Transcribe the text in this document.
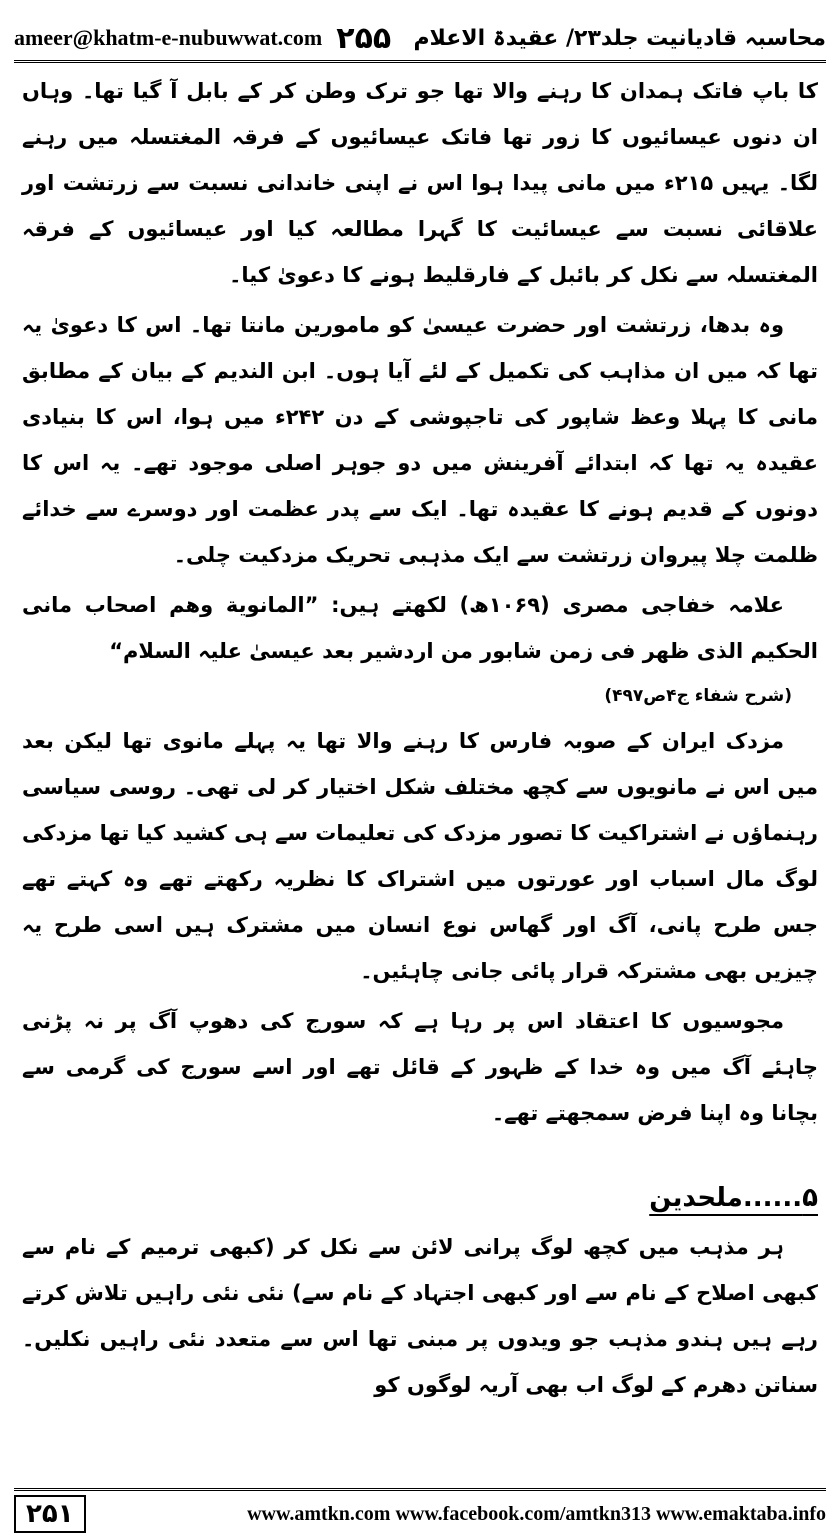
ameer@khatm-e-nubuwwat.com ۲۵۵ محاسبہ قادیانیت جلد۲۳/ عقیدۃ الاعلام

کا باپ فاتک ہمدان کا رہنے والا تھا جو ترک وطن کر کے بابل آ گیا تھا۔ وہاں ان دنوں عیسائیوں کا زور تھا فاتک عیسائیوں کے فرقہ المغتسلہ میں رہنے لگا۔ یہیں ۲۱۵ء میں مانی پیدا ہوا اس نے اپنی خاندانی نسبت سے زرتشت اور علاقائی نسبت سے عیسائیت کا گہرا مطالعہ کیا اور عیسائیوں کے فرقہ المغتسلہ سے نکل کر بائبل کے فارقلیط ہونے کا دعویٰ کیا۔

وہ بدھا، زرتشت اور حضرت عیسیٰ کو مامورین مانتا تھا۔ اس کا دعویٰ یہ تھا کہ میں ان مذاہب کی تکمیل کے لئے آیا ہوں۔ ابن الندیم کے بیان کے مطابق مانی کا پہلا وعظ شاپور کی تاجپوشی کے دن ۲۴۲ء میں ہوا، اس کا بنیادی عقیدہ یہ تھا کہ ابتدائے آفرینش میں دو جوہر اصلی موجود تھے۔ یہ اس کا دونوں کے قدیم ہونے کا عقیدہ تھا۔ ایک سے پدر عظمت اور دوسرے سے خدائے ظلمت چلا پیروان زرتشت سے ایک مذہبی تحریک مزدکیت چلی۔

علامہ خفاجی مصری (۱۰۶۹ھ) لکھتے ہیں: ”المانویة وهم اصحاب مانی الحکیم الذی ظهر فی زمن شابور من اردشیر بعد عیسیٰ علیہ السلام“

(شرح شفاء ج۴ص۴۹۷)

مزدک ایران کے صوبہ فارس کا رہنے والا تھا یہ پہلے مانوی تھا لیکن بعد میں اس نے مانویوں سے کچھ مختلف شکل اختیار کر لی تھی۔ روسی سیاسی رہنماؤں نے اشتراکیت کا تصور مزدک کی تعلیمات سے ہی کشید کیا تھا مزدکی لوگ مال اسباب اور عورتوں میں اشتراک کا نظریہ رکھتے تھے وہ کہتے تھے جس طرح پانی، آگ اور گھاس نوع انسان میں مشترک ہیں اسی طرح یہ چیزیں بھی مشترکہ قرار پائی جانی چاہئیں۔

مجوسیوں کا اعتقاد اس پر رہا ہے کہ سورج کی دھوپ آگ پر نہ پڑنی چاہئے آگ میں وہ خدا کے ظہور کے قائل تھے اور اسے سورج کی گرمی سے بچانا وہ اپنا فرض سمجھتے تھے۔

۵......ملحدین

ہر مذہب میں کچھ لوگ پرانی لائن سے نکل کر (کبھی ترمیم کے نام سے کبھی اصلاح کے نام سے اور کبھی اجتہاد کے نام سے) نئی نئی راہیں تلاش کرتے رہے ہیں ہندو مذہب جو ویدوں پر مبنی تھا اس سے متعدد نئی راہیں نکلیں۔ سناتن دھرم کے لوگ اب بھی آریہ لوگوں کو

۲۵۱	www.amtkn.com www.facebook.com/amtkn313 www.emaktaba.info
